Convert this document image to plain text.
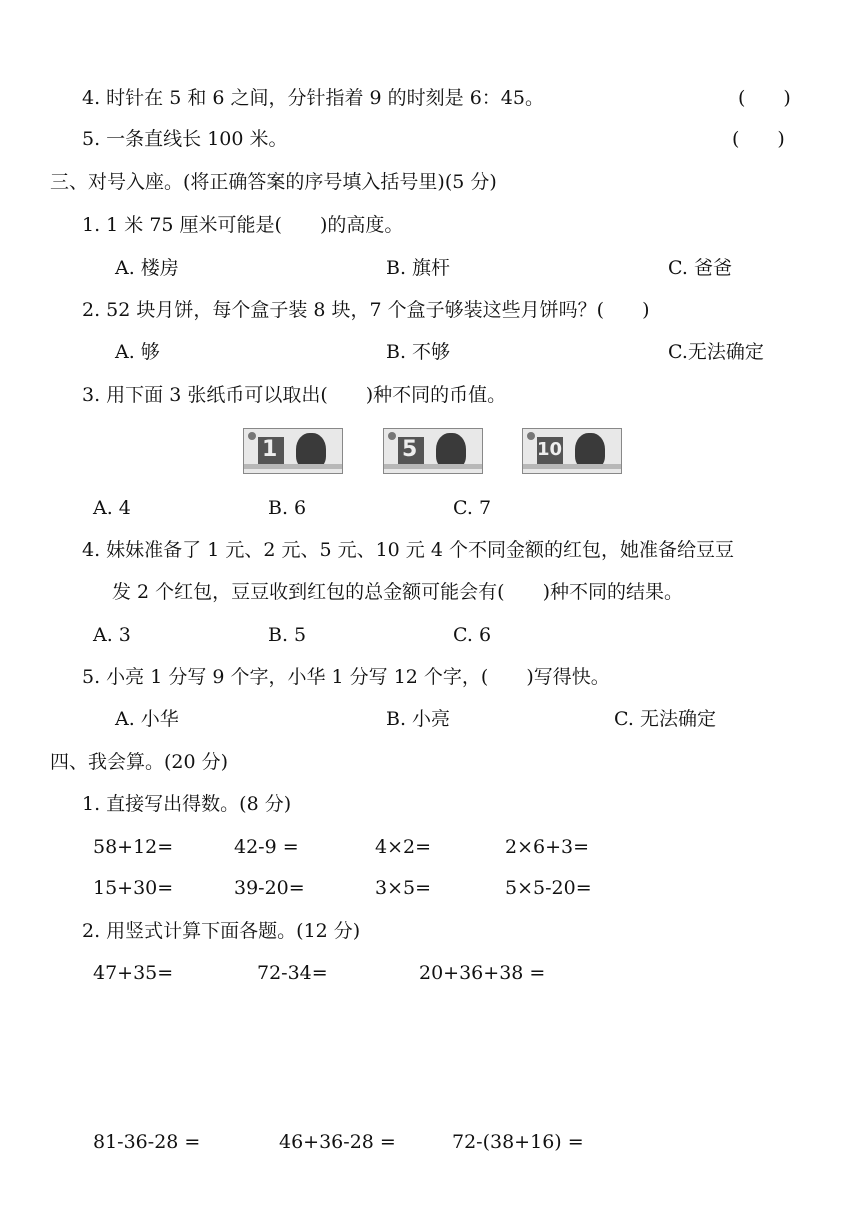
4. 时针在 5 和 6 之间，分针指着 9 的时刻是 6：45。	(　　)
5. 一条直线长 100 米。	(　　)
三、对号入座。(将正确答案的序号填入括号里)(5 分)
1. 1 米 75 厘米可能是(　　)的高度。
A. 楼房	B. 旗杆	C. 爸爸
2. 52 块月饼，每个盒子装 8 块，7 个盒子够装这些月饼吗？(　　)
A. 够	B. 不够	C.无法确定
3. 用下面 3 张纸币可以取出(　　)种不同的币值。
1	5	10
A. 4	B. 6	C. 7
4. 妹妹准备了 1 元、2 元、5 元、10 元 4 个不同金额的红包，她准备给豆豆
发 2 个红包，豆豆收到红包的总金额可能会有(　　)种不同的结果。
A. 3	B. 5	C. 6
5. 小亮 1 分写 9 个字，小华 1 分写 12 个字，(　　)写得快。
A. 小华	B. 小亮	C. 无法确定
四、我会算。(20 分)
1. 直接写出得数。(8 分)
58+12=	42-9 =	4×2=	2×6+3=
15+30=	39-20=	3×5=	5×5-20=
2. 用竖式计算下面各题。(12 分)
47+35=	72-34=	20+36+38 =
81-36-28 =	46+36-28 =	72-(38+16) =
